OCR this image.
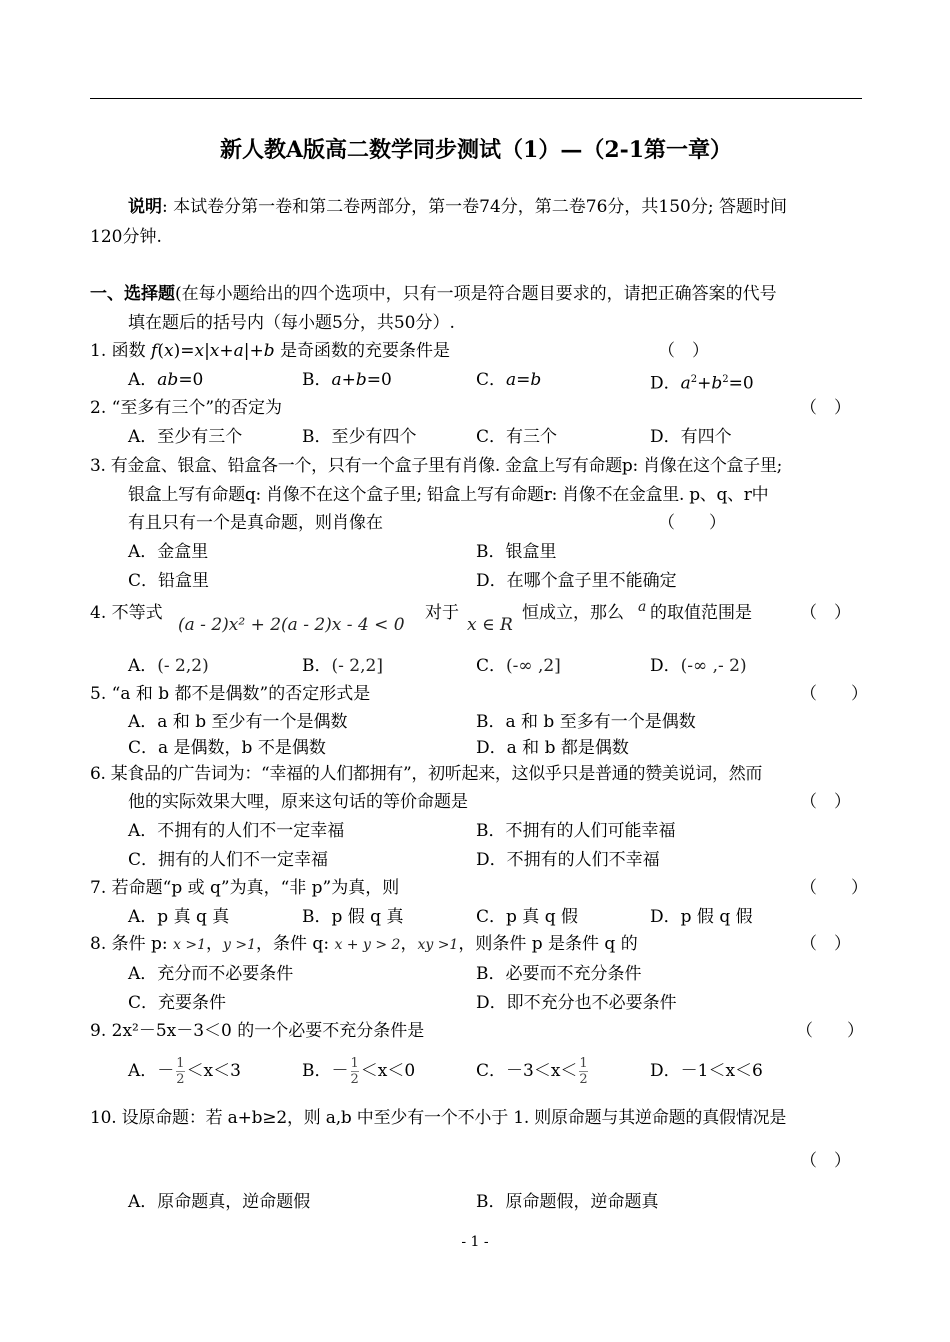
新人教A版高二数学同步测试（1）—（2-1第一章）
说明: 本试卷分第一卷和第二卷两部分，第一卷74分，第二卷76分，共150分; 答题时间
120分钟.
一、选择题(在每小题给出的四个选项中，只有一项是符合题目要求的，请把正确答案的代号
填在题后的括号内（每小题5分，共50分）.
1. 函数 f(x)=x|x+a|+b 是奇函数的充要条件是	（　）
A．ab=0	B．a+b=0	C．a=b	D．$a^2+b^2=0$
2. “至多有三个”的否定为	（　）
A．至少有三个	B．至少有四个	C．有三个	D．有四个
3. 有金盒、银盒、铅盒各一个，只有一个盒子里有肖像. 金盒上写有命题p: 肖像在这个盒子里;
银盒上写有命题q: 肖像不在这个盒子里; 铅盒上写有命题r: 肖像不在金盒里. p、q、r中
有且只有一个是真命题，则肖像在	（　　）
A．金盒里	B．银盒里
C．铅盒里	D．在哪个盒子里不能确定
4. 不等式
(a - 2)x² + 2(a - 2)x - 4 < 0
对于
x ∈ R
恒成立，那么 a 的取值范围是	（　）
A．(- 2,2)	B．(- 2,2]	C．(-∞ ,2]	D．(-∞ ,- 2)
5. “a 和 b 都不是偶数”的否定形式是	（　　）
A．a 和 b 至少有一个是偶数	B．a 和 b 至多有一个是偶数
C．a 是偶数，b 不是偶数	D．a 和 b 都是偶数
6. 某食品的广告词为：“幸福的人们都拥有”，初听起来，这似乎只是普通的赞美说词，然而
他的实际效果大哩，原来这句话的等价命题是	（　）
A．不拥有的人们不一定幸福	B．不拥有的人们可能幸福
C．拥有的人们不一定幸福	D．不拥有的人们不幸福
7. 若命题“p 或 q”为真，“非 p”为真，则	（　　）
A．p 真 q 真	B．p 假 q 真	C．p 真 q 假	D．p 假 q 假
8. 条件 p: x >1，y >1，条件 q: x + y > 2，xy >1，则条件 p 是条件 q 的	（　）
A．充分而不必要条件	B．必要而不充分条件
C．充要条件	D．即不充分也不必要条件
9. 2x²－5x－3＜0 的一个必要不充分条件是	（　　）
A．－ $\frac{1}{2} <x<3$	B．－ $\frac{1}{2} <x<0$	C．$-3<x< \frac{1}{2}$	D．－1＜x＜6
10. 设原命题：若 a+b≥2，则 a,b 中至少有一个不小于 1. 则原命题与其逆命题的真假情况是
（　）
A．原命题真，逆命题假	B．原命题假，逆命题真
- 1 -
